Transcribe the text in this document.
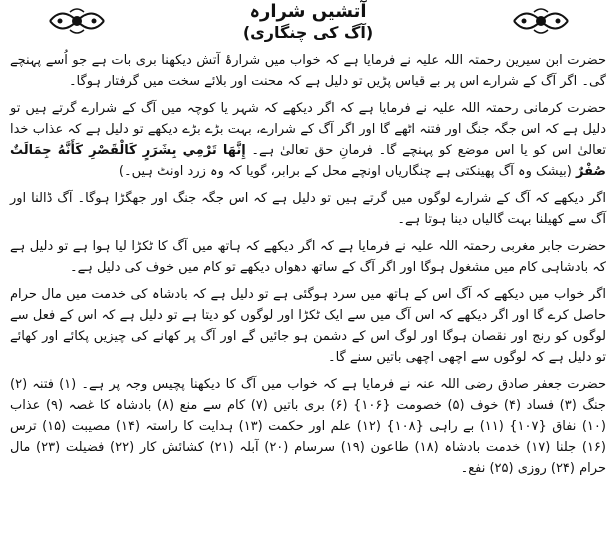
آتشیں شرارہ
(آگ کی چنگاری)

حضرت ابن سیرین رحمتہ اللہ علیہ نے فرمایا ہے کہ خواب میں شرارۂ آتش دیکھنا بری بات ہے جو اُسے پہنچے گی۔ اگر آگ کے شرارے اس پر بے قیاس پڑیں تو دلیل ہے کہ محنت اور بلائے سخت میں گرفتار ہوگا۔

حضرت کرمانی رحمتہ اللہ علیہ نے فرمایا ہے کہ اگر دیکھے کہ شہر یا کوچہ میں آگ کے شرارے گرتے ہیں تو دلیل ہے کہ اس جگہ جنگ اور فتنہ اٹھے گا اور اگر آگ کے شرارے، بہت بڑے بڑے دیکھے تو دلیل ہے کہ عذاب خدا تعالیٰ اس کو یا اس موضع کو پہنچے گا۔ فرمانِ حق تعالیٰ ہے۔ إِنَّهَا تَرْمِي بِشَرَرٍ كَالْقَصْرِ كَأَنَّهُ جِمَالَتٌ صُفْرٌ (بیشک وہ آگ پھینکتی ہے چنگاریاں اونچے محل کے برابر، گویا کہ وہ زرد اونٹ ہیں۔)

اگر دیکھے کہ آگ کے شرارے لوگوں میں گرتے ہیں تو دلیل ہے کہ اس جگہ جنگ اور جھگڑا ہوگا۔ آگ ڈالنا اور آگ سے کھیلنا بہت گالیاں دینا ہوتا ہے۔

حضرت جابر مغربی رحمتہ اللہ علیہ نے فرمایا ہے کہ اگر دیکھے کہ ہاتھ میں آگ کا ٹکڑا لیا ہوا ہے تو دلیل ہے کہ بادشاہی کام میں مشغول ہوگا اور اگر آگ کے ساتھ دھواں دیکھے تو کام میں خوف کی دلیل ہے۔

اگر خواب میں دیکھے کہ آگ اس کے ہاتھ میں سرد ہوگئی ہے تو دلیل ہے کہ بادشاہ کی خدمت میں مال حرام حاصل کرے گا اور اگر دیکھے کہ اس آگ میں سے ایک ٹکڑا اور لوگوں کو دیتا ہے تو دلیل ہے کہ اس کے فعل سے لوگوں کو رنج اور نقصان ہوگا اور لوگ اس کے دشمن ہو جائیں گے اور آگ پر کھانے کی چیزیں پکائے اور کھائے تو دلیل ہے کہ لوگوں سے اچھی اچھی باتیں سنے گا۔

حضرت جعفر صادق رضی اللہ عنہ نے فرمایا ہے کہ خواب میں آگ کا دیکھنا پچیس وجہ پر ہے۔ (۱) فتنہ (۲) جنگ (۳) فساد (۴) خوف (۵) خصومت {۱۰۶} (۶) بری باتیں (۷) کام سے منع (۸) بادشاہ کا غصہ (۹) عذاب (۱۰) نفاق {۱۰۷} (۱۱) بے راہی {۱۰۸} (۱۲) علم اور حکمت (۱۳) ہدایت کا راستہ (۱۴) مصیبت (۱۵) ترس (۱۶) جلنا (۱۷) خدمت بادشاہ (۱۸) طاعون (۱۹) سرسام (۲۰) آبلہ (۲۱) کشائش کار (۲۲) فضیلت (۲۳) مال حرام (۲۴) روزی (۲۵) نفع۔
